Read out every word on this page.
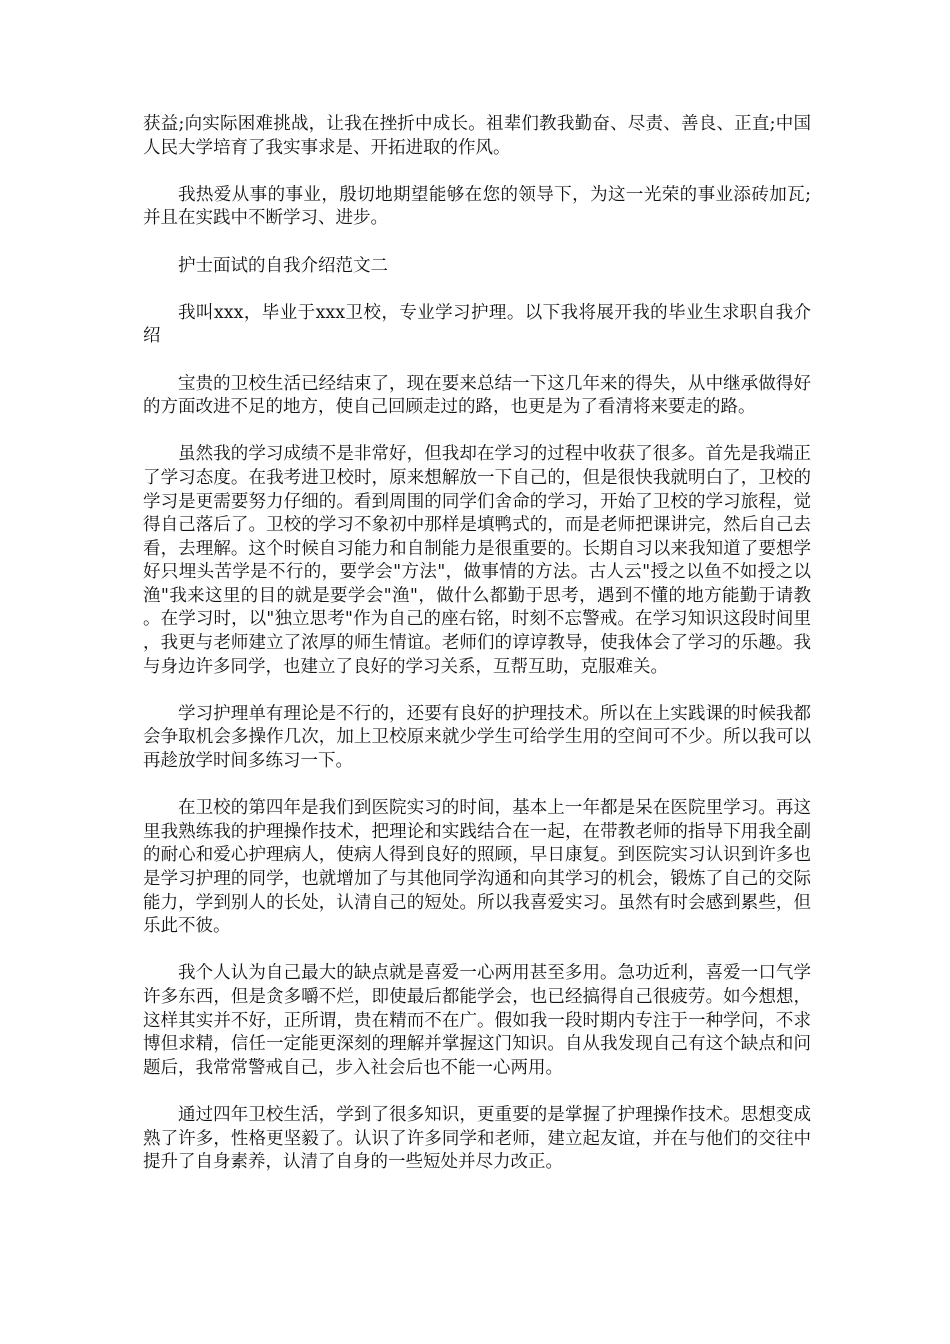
获益;向实际困难挑战，让我在挫折中成长。祖辈们教我勤奋、尽责、善良、正直;中国人民大学培育了我实事求是、开拓进取的作风。

我热爱从事的事业，殷切地期望能够在您的领导下，为这一光荣的事业添砖加瓦;并且在实践中不断学习、进步。

护士面试的自我介绍范文二

我叫xxx，毕业于xxx卫校，专业学习护理。以下我将展开我的毕业生求职自我介绍

宝贵的卫校生活已经结束了，现在要来总结一下这几年来的得失，从中继承做得好的方面改进不足的地方，使自己回顾走过的路，也更是为了看清将来要走的路。

虽然我的学习成绩不是非常好，但我却在学习的过程中收获了很多。首先是我端正了学习态度。在我考进卫校时，原来想解放一下自己的，但是很快我就明白了，卫校的学习是更需要努力仔细的。看到周围的同学们舍命的学习，开始了卫校的学习旅程，觉得自己落后了。卫校的学习不象初中那样是填鸭式的，而是老师把课讲完，然后自己去看，去理解。这个时候自习能力和自制能力是很重要的。长期自习以来我知道了要想学好只埋头苦学是不行的，要学会"方法"，做事情的方法。古人云"授之以鱼不如授之以渔"我来这里的目的就是要学会"渔"，做什么都勤于思考，遇到不懂的地方能勤于请教。在学习时，以"独立思考"作为自己的座右铭，时刻不忘警戒。在学习知识这段时间里，我更与老师建立了浓厚的师生情谊。老师们的谆谆教导，使我体会了学习的乐趣。我与身边许多同学，也建立了良好的学习关系，互帮互助，克服难关。

学习护理单有理论是不行的，还要有良好的护理技术。所以在上实践课的时候我都会争取机会多操作几次，加上卫校原来就少学生可给学生用的空间可不少。所以我可以再趁放学时间多练习一下。

在卫校的第四年是我们到医院实习的时间，基本上一年都是呆在医院里学习。再这里我熟练我的护理操作技术，把理论和实践结合在一起，在带教老师的指导下用我全副的耐心和爱心护理病人，使病人得到良好的照顾，早日康复。到医院实习认识到许多也是学习护理的同学，也就增加了与其他同学沟通和向其学习的机会，锻炼了自己的交际能力，学到别人的长处，认清自己的短处。所以我喜爱实习。虽然有时会感到累些，但乐此不彼。

我个人认为自己最大的缺点就是喜爱一心两用甚至多用。急功近利，喜爱一口气学许多东西，但是贪多嚼不烂，即使最后都能学会，也已经搞得自己很疲劳。如今想想，这样其实并不好，正所谓，贵在精而不在广。假如我一段时期内专注于一种学问，不求博但求精，信任一定能更深刻的理解并掌握这门知识。自从我发现自己有这个缺点和问题后，我常常警戒自己，步入社会后也不能一心两用。

通过四年卫校生活，学到了很多知识，更重要的是掌握了护理操作技术。思想变成熟了许多，性格更坚毅了。认识了许多同学和老师，建立起友谊，并在与他们的交往中提升了自身素养，认清了自身的一些短处并尽力改正。
